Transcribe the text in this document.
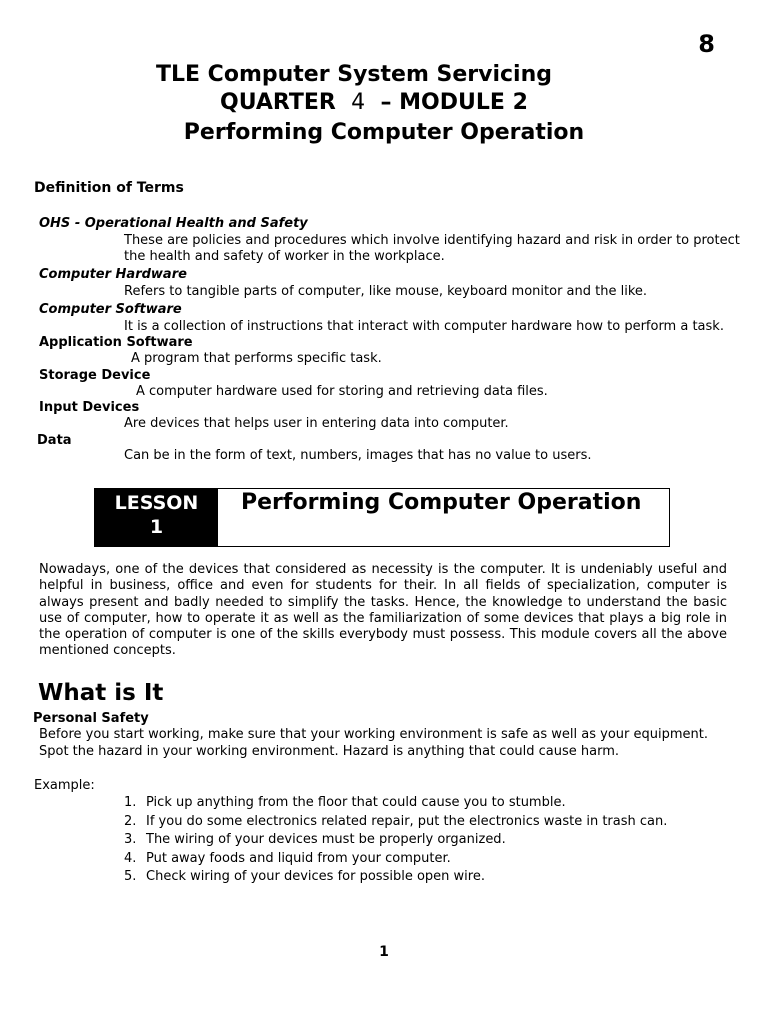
8
TLE Computer System Servicing
QUARTER 4 – MODULE 2
Performing Computer Operation
Definition of Terms
OHS - Operational Health and Safety
These are policies and procedures which involve identifying hazard and risk in order to protect
the health and safety of worker in the workplace.
Computer Hardware
Refers to tangible parts of computer, like mouse, keyboard monitor and the like.
Computer Software
It is a collection of instructions that interact with computer hardware how to perform a task.
Application Software
A program that performs specific task.
Storage Device
A computer hardware used for storing and retrieving data files.
Input Devices
Are devices that helps user in entering data into computer.
Data
Can be in the form of text, numbers, images that has no value to users.
LESSON
1
Performing Computer Operation

Nowadays, one of the devices that considered as necessity is the computer. It is undeniably useful and helpful in business, office and even for students for their. In all fields of specialization, computer is always present and badly needed to simplify the tasks. Hence, the knowledge to understand the basic use of computer, how to operate it as well as the familiarization of some devices that plays a big role in the operation of computer is one of the skills everybody must possess. This module covers all the above mentioned concepts.

What is It
Personal Safety
Before you start working, make sure that your working environment is safe as well as your equipment.
Spot the hazard in your working environment. Hazard is anything that could cause harm.
Example:
1. Pick up anything from the floor that could cause you to stumble.
2. If you do some electronics related repair, put the electronics waste in trash can.
3. The wiring of your devices must be properly organized.
4. Put away foods and liquid from your computer.
5. Check wiring of your devices for possible open wire.
1
